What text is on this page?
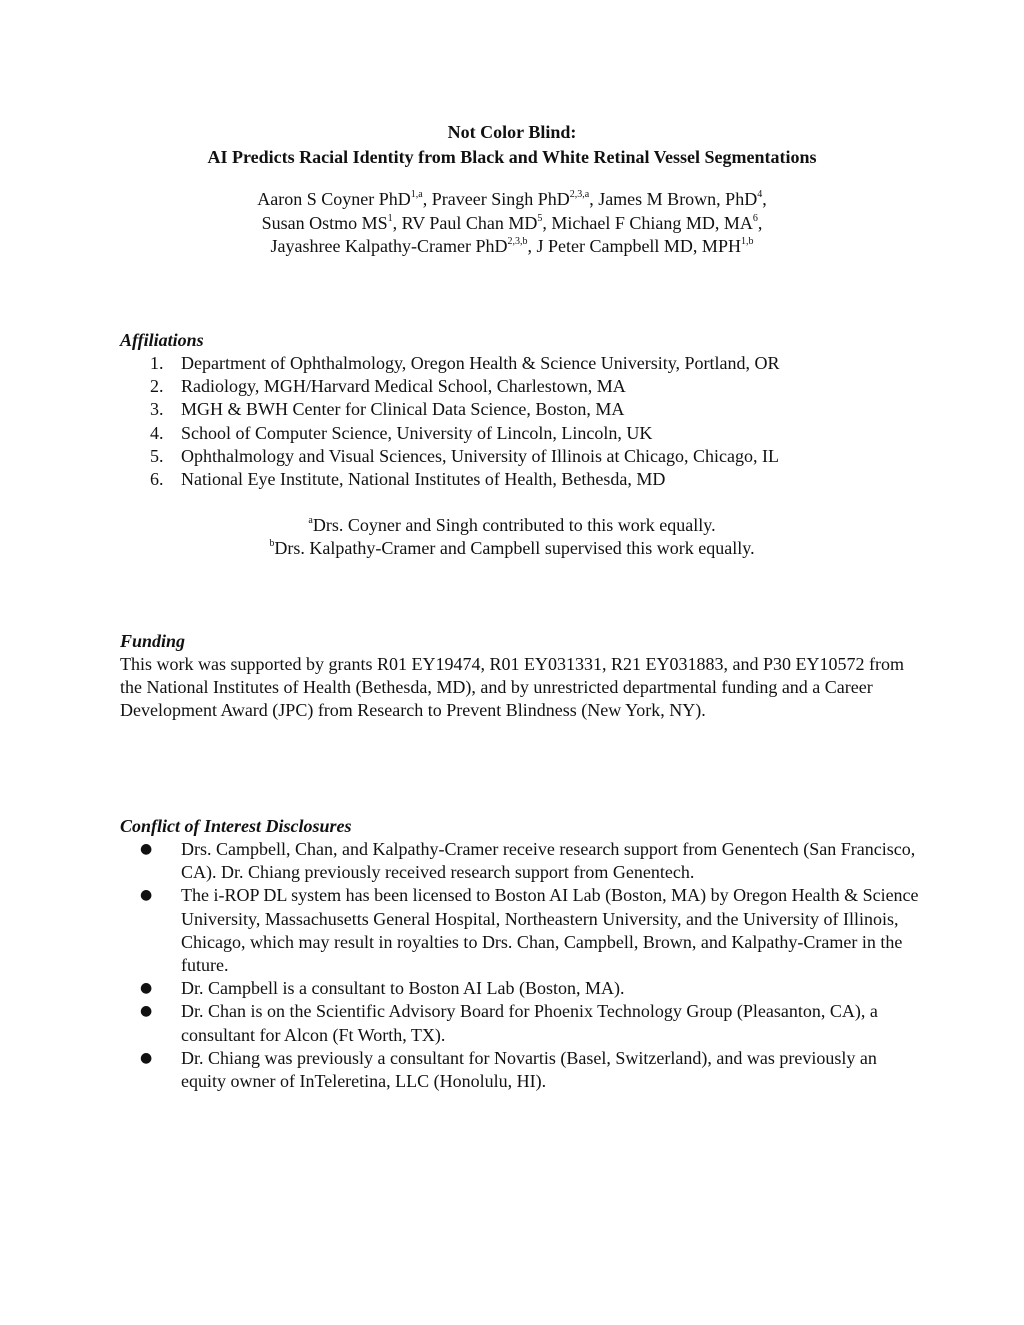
Not Color Blind:
AI Predicts Racial Identity from Black and White Retinal Vessel Segmentations
Aaron S Coyner PhD$^{1,a}$, Praveer Singh PhD$^{2,3,a}$, James M Brown, PhD$^4$,
Susan Ostmo $MS^1$, RV Paul Chan $MD^5$, Michael F Chiang MD, $MA^6$,
Jayashree Kalpathy-Cramer PhD$^{2,3,b}$, J Peter Campbell MD, MPH$^{1,b}$
Affiliations
1. Department of Ophthalmology, Oregon Health & Science University, Portland, OR
2. Radiology, MGH/Harvard Medical School, Charlestown, MA
3. MGH & BWH Center for Clinical Data Science, Boston, MA
4. School of Computer Science, University of Lincoln, Lincoln, UK
5. Ophthalmology and Visual Sciences, University of Illinois at Chicago, Chicago, IL
6. National Eye Institute, National Institutes of Health, Bethesda, MD
$^a$Drs. Coyner and Singh contributed to this work equally.
$^b$Drs. Kalpathy-Cramer and Campbell supervised this work equally.
Funding

This work was supported by grants R01 EY19474, R01 EY031331, R21 EY031883, and P30 EY10572 from the National Institutes of Health (Bethesda, MD), and by unrestricted departmental funding and a Career Development Award (JPC) from Research to Prevent Blindness (New York, NY).

Conflict of Interest Disclosures
● Drs. Campbell, Chan, and Kalpathy-Cramer receive research support from Genentech (San Francisco, CA). Dr. Chiang previously received research support from Genentech.
● The i-ROP DL system has been licensed to Boston AI Lab (Boston, MA) by Oregon Health & Science University, Massachusetts General Hospital, Northeastern University, and the University of Illinois, Chicago, which may result in royalties to Drs. Chan, Campbell, Brown, and Kalpathy-Cramer in the future.
● Dr. Campbell is a consultant to Boston AI Lab (Boston, MA).
● Dr. Chan is on the Scientific Advisory Board for Phoenix Technology Group (Pleasanton, CA), a consultant for Alcon (Ft Worth, TX).
● Dr. Chiang was previously a consultant for Novartis (Basel, Switzerland), and was previously an equity owner of InTeleretina, LLC (Honolulu, HI).
